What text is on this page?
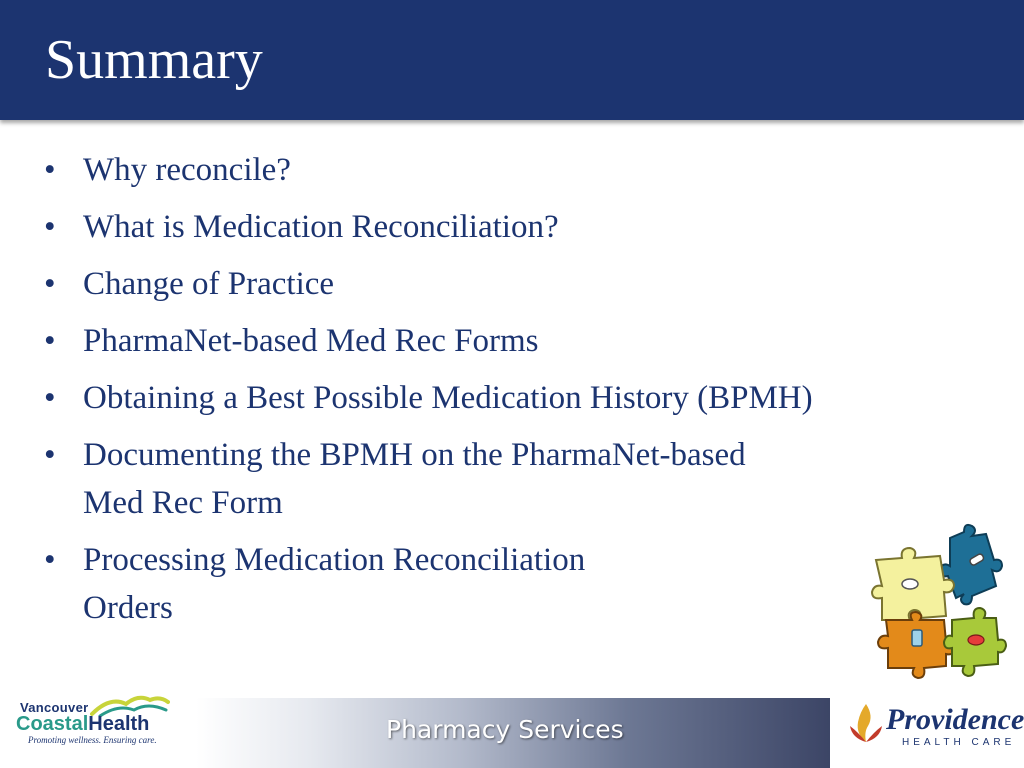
Summary
• Why reconcile?
• What is Medication Reconciliation?
• Change of Practice
• PharmaNet-based Med Rec Forms
• Obtaining a Best Possible Medication History (BPMH)
• Documenting the BPMH on the PharmaNet-based
Med Rec Form
• Processing Medication Reconciliation
Orders
Pharmacy Services
Vancouver
CoastalHealth
Promoting wellness. Ensuring care.
Providence
HEALTH CARE
